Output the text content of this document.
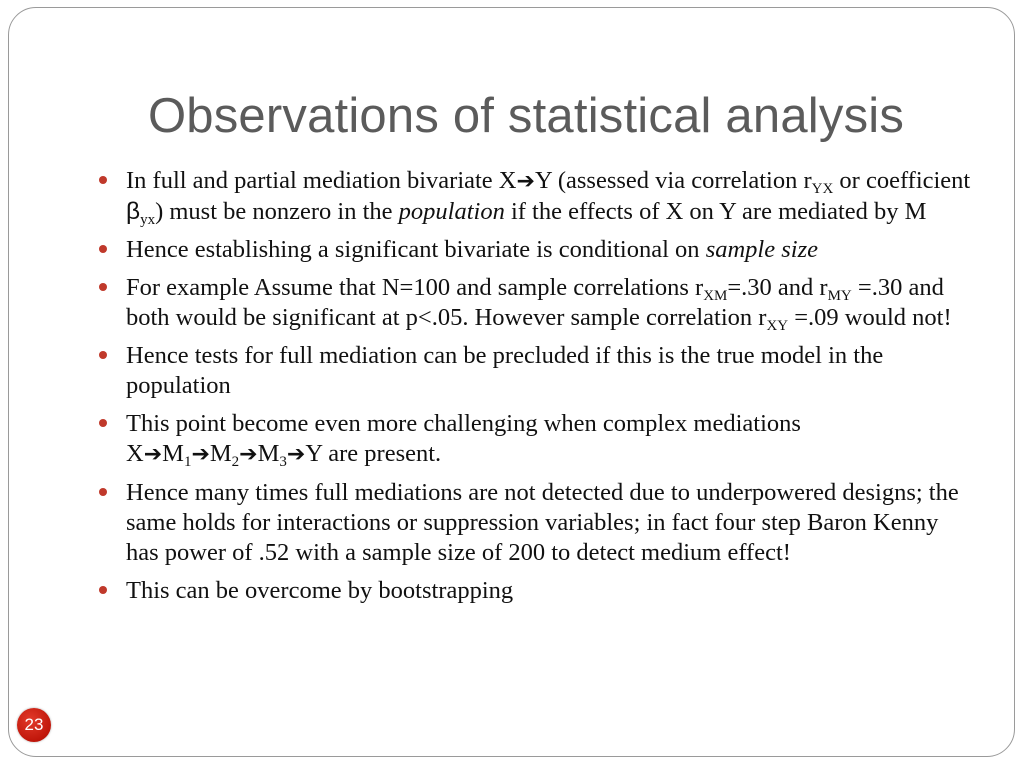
Observations of statistical analysis
In full and partial mediation bivariate X➔Y (assessed via correlation $r_{YX}$ or coefficient $\beta_{yx}$) must be nonzero in the population if the effects of X on Y are mediated by M
Hence establishing a significant bivariate is conditional on sample size
For example Assume that N=100 and sample correlations $r_{XM}=.30$ and $r_{MY} =.30$ and both would be significant at p<.05. However sample correlation $r_{XY} =.09$ would not!
Hence tests for full mediation can be precluded if this is the true model in the population
This point become even more challenging when complex mediations $X➔M_1➔M_2➔M_3➔Y$ are present.
Hence many times full mediations are not detected due to underpowered designs; the same holds for interactions or suppression variables; in fact four step Baron Kenny has power of .52 with a sample size of 200 to detect medium effect!
This can be overcome by bootstrapping
23
